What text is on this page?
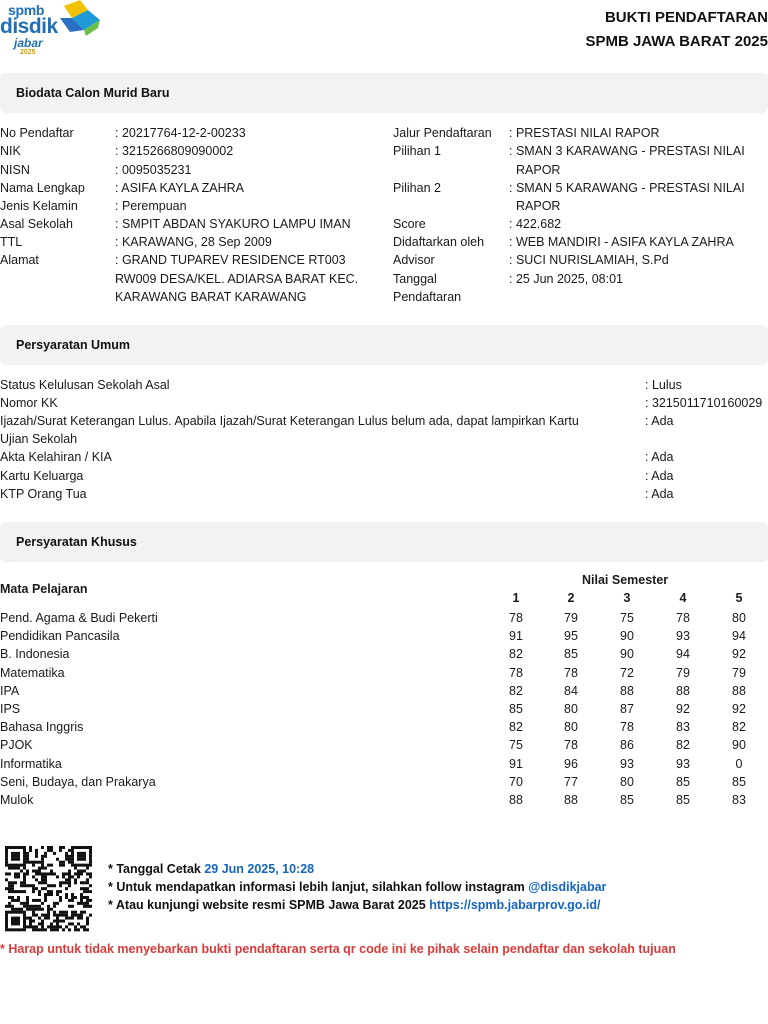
spmb
disdik
jabar
2025
BUKTI PENDAFTARAN
SPMB JAWA BARAT 2025
Biodata Calon Murid Baru
No Pendaftar	: 20217764-12-2-00233
NIK	: 3215266809090002
NISN	: 0095035231
Nama Lengkap : ASIFA KAYLA ZAHRA
Jenis Kelamin	: Perempuan
Asal Sekolah	: SMPIT ABDAN SYAKURO LAMPU IMAN
TTL	: KARAWANG, 28 Sep 2009
Alamat	: GRAND TUPAREV RESIDENCE RT003
RW009 DESA/KEL. ADIARSA BARAT KEC.
KARAWANG BARAT KARAWANG
Jalur Pendaftaran : PRESTASI NILAI RAPOR
Pilihan 1	: SMAN 3 KARAWANG - PRESTASI NILAI
RAPOR
Pilihan 2	: SMAN 5 KARAWANG - PRESTASI NILAI
RAPOR
Score	: 422.682
Didaftarkan oleh : WEB MANDIRI - ASIFA KAYLA ZAHRA
Advisor	: SUCI NURISLAMIAH, S.Pd
Tanggal
Pendaftaran
: 25 Jun 2025, 08:01
Persyaratan Umum
Status Kelulusan Sekolah Asal	: Lulus
Nomor KK	: 3215011710160029
Ijazah/Surat Keterangan Lulus. Apabila Ijazah/Surat Keterangan Lulus belum ada, dapat lampirkan Kartu
Ujian Sekolah
: Ada
Akta Kelahiran / KIA	: Ada
Kartu Keluarga	: Ada
KTP Orang Tua	: Ada
Persyaratan Khusus
Mata Pelajaran
Nilai Semester
1	2	3	4	5
Pend. Agama & Budi Pekerti	78	79	75	78	80
Pendidikan Pancasila	91	95	90	93	94
B. Indonesia	82	85	90	94	92
Matematika	78	78	72	79	79
IPA	82	84	88	88	88
IPS	85	80	87	92	92
Bahasa Inggris	82	80	78	83	82
PJOK	75	78	86	82	90
Informatika	91	96	93	93	0
Seni, Budaya, dan Prakarya	70	77	80	85	85
Mulok	88	88	85	85	83
* Tanggal Cetak 29 Jun 2025, 10:28
* Untuk mendapatkan informasi lebih lanjut, silahkan follow instagram @disdikjabar
* Atau kunjungi website resmi SPMB Jawa Barat 2025 https://spmb.jabarprov.go.id/
* Harap untuk tidak menyebarkan bukti pendaftaran serta qr code ini ke pihak selain pendaftar dan sekolah tujuan
